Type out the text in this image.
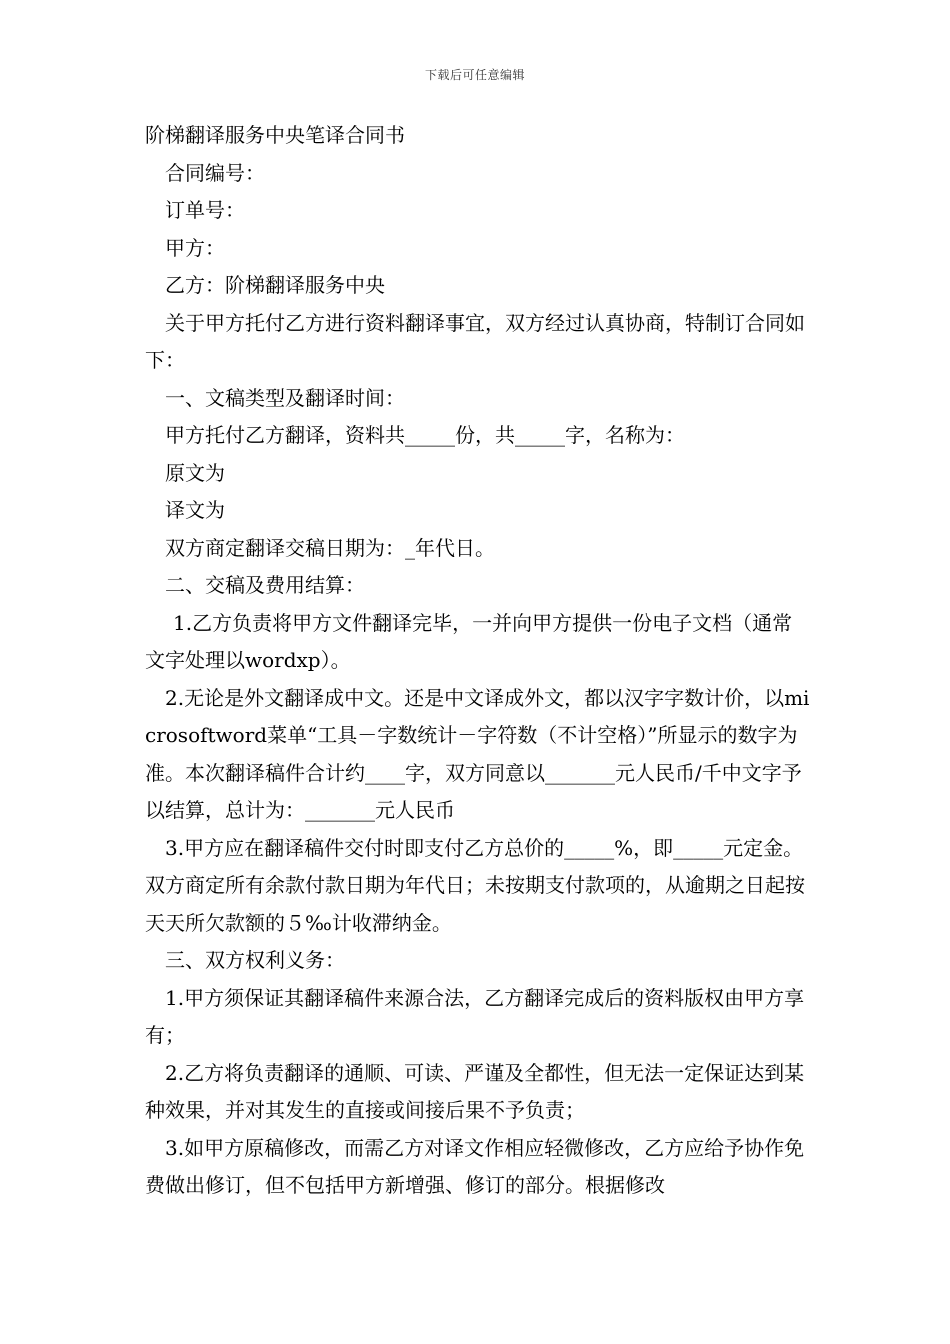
下载后可任意编辑

阶梯翻译服务中央笔译合同书

合同编号：

订单号：

甲方：

乙方：阶梯翻译服务中央

关于甲方托付乙方进行资料翻译事宜，双方经过认真协商，特制订合同如下：

一、文稿类型及翻译时间：

甲方托付乙方翻译，资料共_____份，共_____字，名称为：

原文为

译文为

双方商定翻译交稿日期为：_年代日。

二、交稿及费用结算：

1.乙方负责将甲方文件翻译完毕，一并向甲方提供一份电子文档（通常文字处理以wordxp）。

2.无论是外文翻译成中文。还是中文译成外文，都以汉字字数计价，以microsoftword菜单“工具－字数统计－字符数（不计空格）”所显示的数字为准。本次翻译稿件合计约____字，双方同意以_______元人民币/千中文字予以结算，总计为：_______元人民币

3.甲方应在翻译稿件交付时即支付乙方总价的_____%，即_____元定金。双方商定所有余款付款日期为年代日；未按期支付款项的，从逾期之日起按天天所欠款额的５‰计收滞纳金。

三、双方权利义务：

1.甲方须保证其翻译稿件来源合法，乙方翻译完成后的资料版权由甲方享有；

2.乙方将负责翻译的通顺、可读、严谨及全都性，但无法一定保证达到某种效果，并对其发生的直接或间接后果不予负责；

3.如甲方原稿修改，而需乙方对译文作相应轻微修改，乙方应给予协作免费做出修订，但不包括甲方新增强、修订的部分。根据修改
